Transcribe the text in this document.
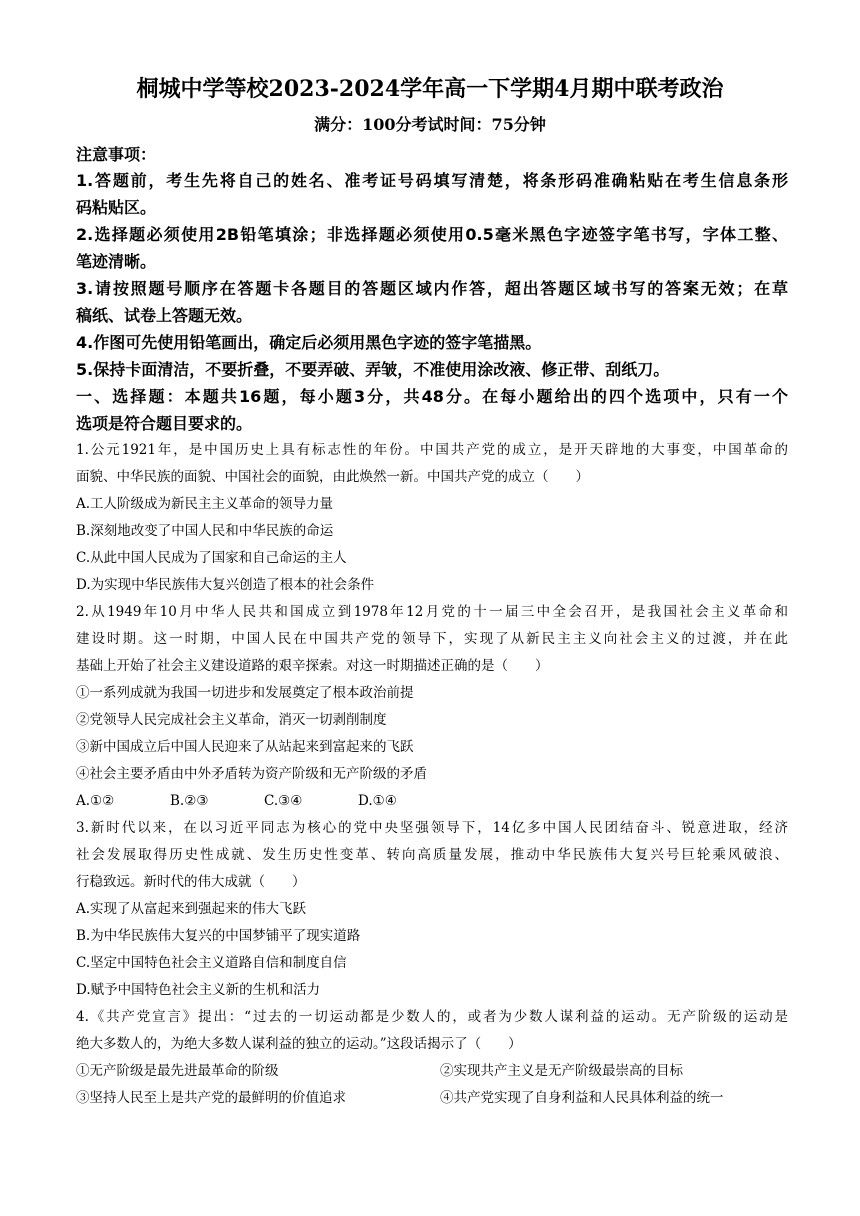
桐城中学等校2023-2024学年高一下学期4月期中联考政治
满分：100分考试时间：75分钟
注意事项：
1.答题前，考生先将自己的姓名、准考证号码填写清楚，将条形码准确粘贴在考生信息条形
码粘贴区。
2.选择题必须使用2B铅笔填涂；非选择题必须使用0.5毫米黑色字迹签字笔书写，字体工整、
笔迹清晰。
3.请按照题号顺序在答题卡各题目的答题区域内作答，超出答题区域书写的答案无效；在草
稿纸、试卷上答题无效。
4.作图可先使用铅笔画出，确定后必须用黑色字迹的签字笔描黑。
5.保持卡面清洁，不要折叠，不要弄破、弄皱，不准使用涂改液、修正带、刮纸刀。
一、选择题：本题共16题，每小题3分，共48分。在每小题给出的四个选项中，只有一个
选项是符合题目要求的。
1.公元1921年，是中国历史上具有标志性的年份。中国共产党的成立，是开天辟地的大事变，中国革命的
面貌、中华民族的面貌、中国社会的面貌，由此焕然一新。中国共产党的成立（　　）
A.工人阶级成为新民主主义革命的领导力量
B.深刻地改变了中国人民和中华民族的命运
C.从此中国人民成为了国家和自己命运的主人
D.为实现中华民族伟大复兴创造了根本的社会条件
2.从1949年10月中华人民共和国成立到1978年12月党的十一届三中全会召开，是我国社会主义革命和
建设时期。这一时期，中国人民在中国共产党的领导下，实现了从新民主主义向社会主义的过渡，并在此
基础上开始了社会主义建设道路的艰辛探索。对这一时期描述正确的是（　　）
①一系列成就为我国一切进步和发展奠定了根本政治前提
②党领导人民完成社会主义革命，消灭一切剥削制度
③新中国成立后中国人民迎来了从站起来到富起来的飞跃
④社会主要矛盾由中外矛盾转为资产阶级和无产阶级的矛盾
A.①②	B.②③	C.③④	D.①④
3.新时代以来，在以习近平同志为核心的党中央坚强领导下，14亿多中国人民团结奋斗、锐意进取，经济
社会发展取得历史性成就、发生历史性变革、转向高质量发展，推动中华民族伟大复兴号巨轮乘风破浪、
行稳致远。新时代的伟大成就（　　）
A.实现了从富起来到强起来的伟大飞跃
B.为中华民族伟大复兴的中国梦铺平了现实道路
C.坚定中国特色社会主义道路自信和制度自信
D.赋予中国特色社会主义新的生机和活力
4.《共产党宣言》提出：“过去的一切运动都是少数人的，或者为少数人谋利益的运动。无产阶级的运动是
绝大多数人的，为绝大多数人谋利益的独立的运动。”这段话揭示了（　　）
①无产阶级是最先进最革命的阶级	②实现共产主义是无产阶级最崇高的目标
③坚持人民至上是共产党的最鲜明的价值追求	④共产党实现了自身利益和人民具体利益的统一
